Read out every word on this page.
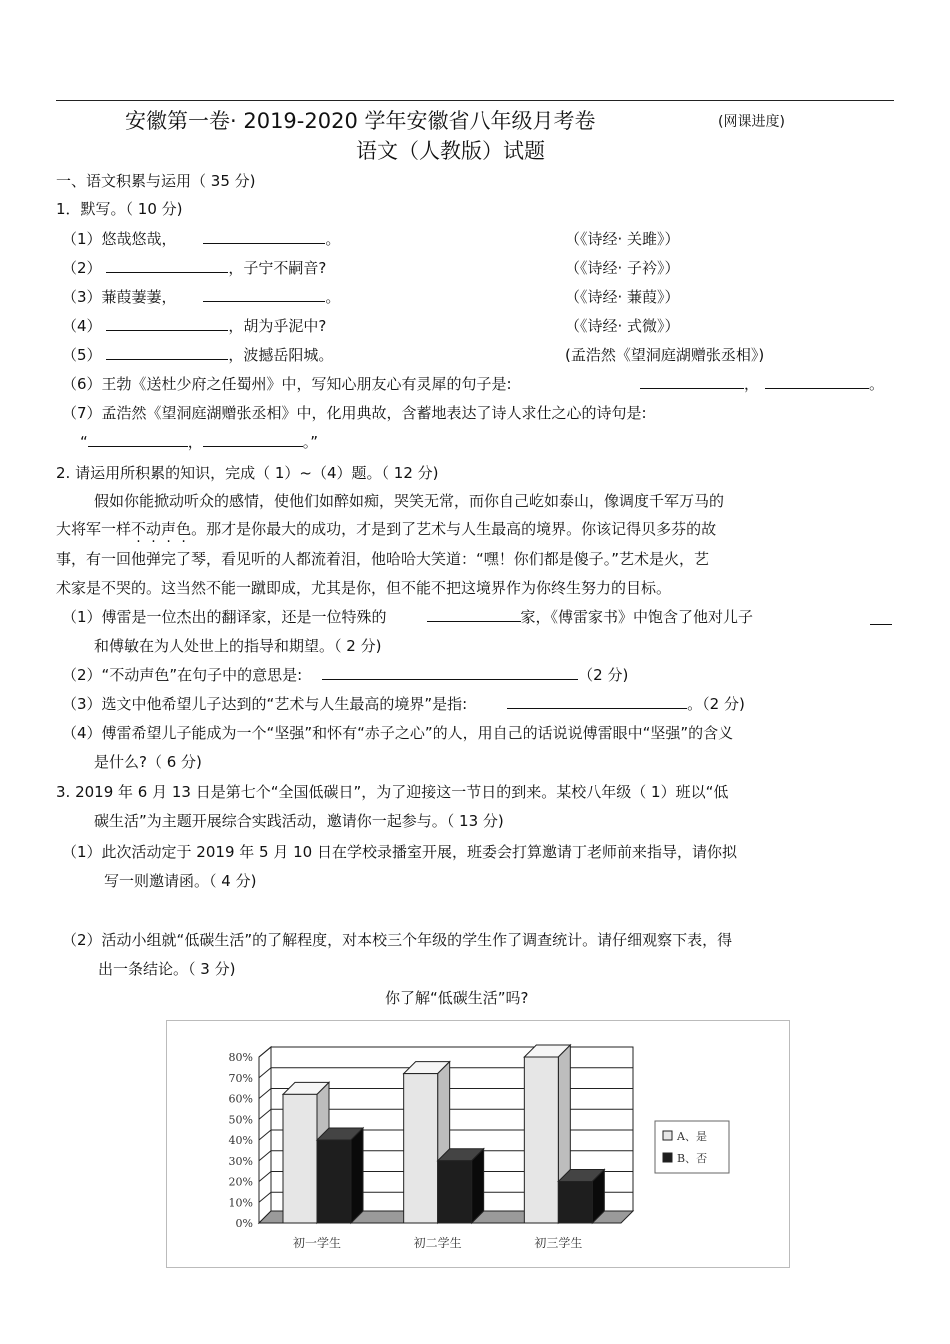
安徽第一卷· 2019-2020 学年安徽省八年级月考卷	(网课进度)
语文（人教版）试题
一、语文积累与运用（ 35 分)
1．默写。（ 10 分)
（1）悠哉悠哉，	。	（《诗经· 关雎》）
（2）	，子宁不嗣音?	（《诗经· 子衿》）
（3）蒹葭萋萋，	。	（《诗经· 蒹葭》）
（4）	，胡为乎泥中?	（《诗经· 式微》）
（5）	，波撼岳阳城。	(孟浩然《望洞庭湖赠张丞相》)
（6）王勃《送杜少府之任蜀州》中，写知心朋友心有灵犀的句子是:	，	。
（7）孟浩然《望洞庭湖赠张丞相》中，化用典故，含蓄地表达了诗人求仕之心的诗句是:
“	，	。”
2. 请运用所积累的知识，完成（ 1）~（4）题。（ 12 分)
假如你能掀动听众的感情，使他们如醉如痴，哭笑无常，而你自己屹如泰山，像调度千军万马的
大将军一样不动声色。那才是你最大的成功，才是到了艺术与人生最高的境界。你该记得贝多芬的故
事，有一回他弹完了琴，看见听的人都流着泪，他哈哈大笑道：“嘿！你们都是傻子。”艺术是火，艺
术家是不哭的。这当然不能一蹴即成，尤其是你，但不能不把这境界作为你终生努力的目标。
（1）傅雷是一位杰出的翻译家，还是一位特殊的	家，《傅雷家书》中饱含了他对儿子
和傅敏在为人处世上的指导和期望。（ 2 分)
（2）“不动声色”在句子中的意思是:	（2 分)
（3）选文中他希望儿子达到的“艺术与人生最高的境界”是指:	。（2 分)
（4）傅雷希望儿子能成为一个“坚强”和怀有“赤子之心”的人，用自己的话说说傅雷眼中“坚强”的含义
是什么?（ 6 分)
3. 2019 年 6 月 13 日是第七个“全国低碳日”，为了迎接这一节日的到来。某校八年级（ 1）班以“低
碳生活”为主题开展综合实践活动，邀请你一起参与。（ 13 分)
（1）此次活动定于 2019 年 5 月 10 日在学校录播室开展，班委会打算邀请丁老师前来指导，请你拟
写一则邀请函。（ 4 分)
（2）活动小组就“低碳生活”的了解程度，对本校三个年级的学生作了调查统计。请仔细观察下表，得
出一条结论。（ 3 分)
你了解“低碳生活”吗?
80%
70%
60%
50%
40%
30%
20%
10%
0%
初一学生	初二学生	初三学生
A、是
B、否
